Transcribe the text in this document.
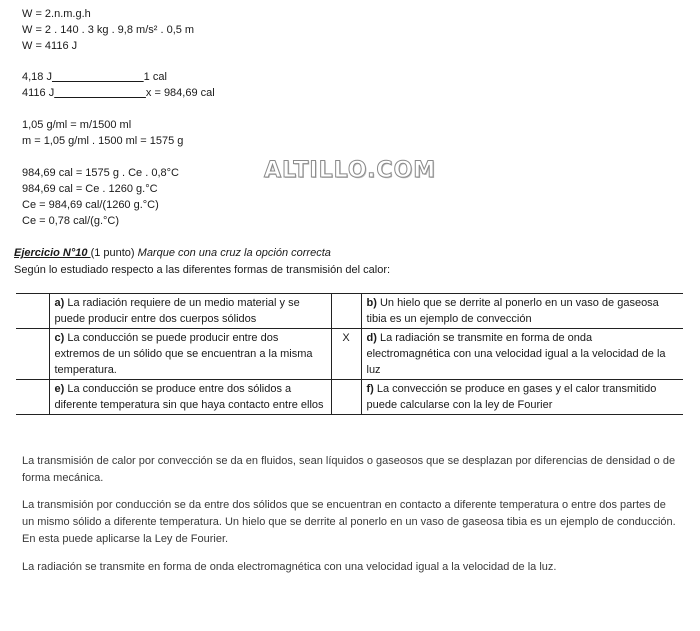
W = 2.n.m.g.h
W = 2 . 140 . 3 kg . 9,8 m/s² . 0,5 m
W = 4116 J
4,18 J	1 cal
4116 J	x = 984,69 cal
1,05 g/ml = m/1500 ml
m = 1,05 g/ml . 1500 ml = 1575 g
984,69 cal = 1575 g . Ce . 0,8°C
984,69 cal = Ce . 1260 g.°C
Ce = 984,69 cal/(1260 g.°C)
Ce = 0,78 cal/(g.°C)
ALTILLO.COM
Ejercicio N°10 (1 punto) Marque con una cruz la opción correcta
Según lo estudiado respecto a las diferentes formas de transmisión del calor:
	a) La radiación requiere de un medio material y se puede producir entre dos cuerpos sólidos		b) Un hielo que se derrite al ponerlo en un vaso de gaseosa tibia es un ejemplo de convección
	c) La conducción se puede producir entre dos extremos de un sólido que se encuentran a la misma temperatura.	X	d) La radiación se transmite en forma de onda electromagnética con una velocidad igual a la velocidad de la luz
	e) La conducción se produce entre dos sólidos a diferente temperatura sin que haya contacto entre ellos		f) La convección se produce en gases y el calor transmitido puede calcularse con la ley de Fourier
La transmisión de calor por convección se da en fluidos, sean líquidos o gaseosos que se desplazan por diferencias de densidad o de forma mecánica.
La transmisión por conducción se da entre dos sólidos que se encuentran en contacto a diferente temperatura o entre dos partes de un mismo sólido a diferente temperatura. Un hielo que se derrite al ponerlo en un vaso de gaseosa tibia es un ejemplo de conducción. En esta puede aplicarse la Ley de Fourier.
La radiación se transmite en forma de onda electromagnética con una velocidad igual a la velocidad de la luz.
